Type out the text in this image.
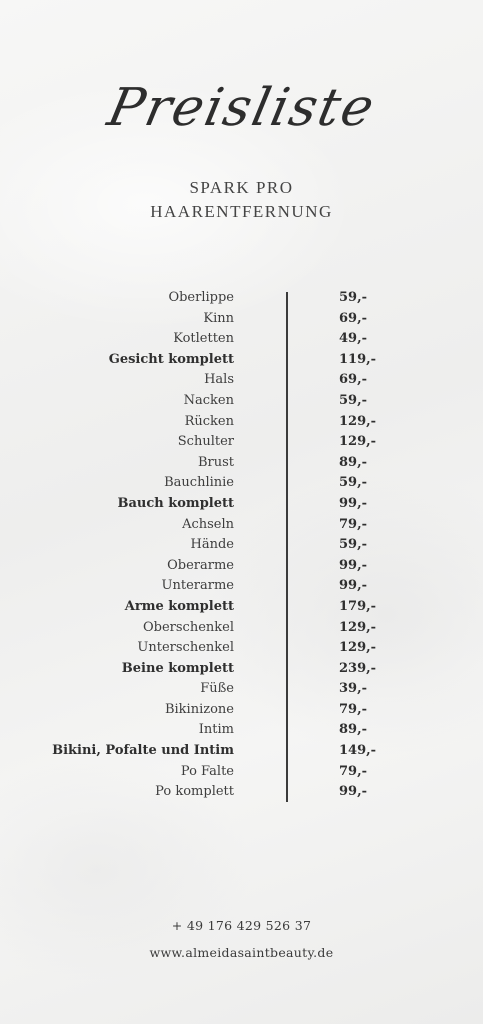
Preisliste
SPARK PRO
HAARENTFERNUNG
Oberlippe	59,-
Kinn	69,-
Kotletten	49,-
Gesicht komplett	119,-
Hals	69,-
Nacken	59,-
Rücken	129,-
Schulter	129,-
Brust	89,-
Bauchlinie	59,-
Bauch komplett	99,-
Achseln	79,-
Hände	59,-
Oberarme	99,-
Unterarme	99,-
Arme komplett	179,-
Oberschenkel	129,-
Unterschenkel	129,-
Beine komplett	239,-
Füße	39,-
Bikinizone	79,-
Intim	89,-
Bikini, Pofalte und Intim	149,-
Po Falte	79,-
Po komplett	99,-
+ 49 176 429 526 37
www.almeidasaintbeauty.de
